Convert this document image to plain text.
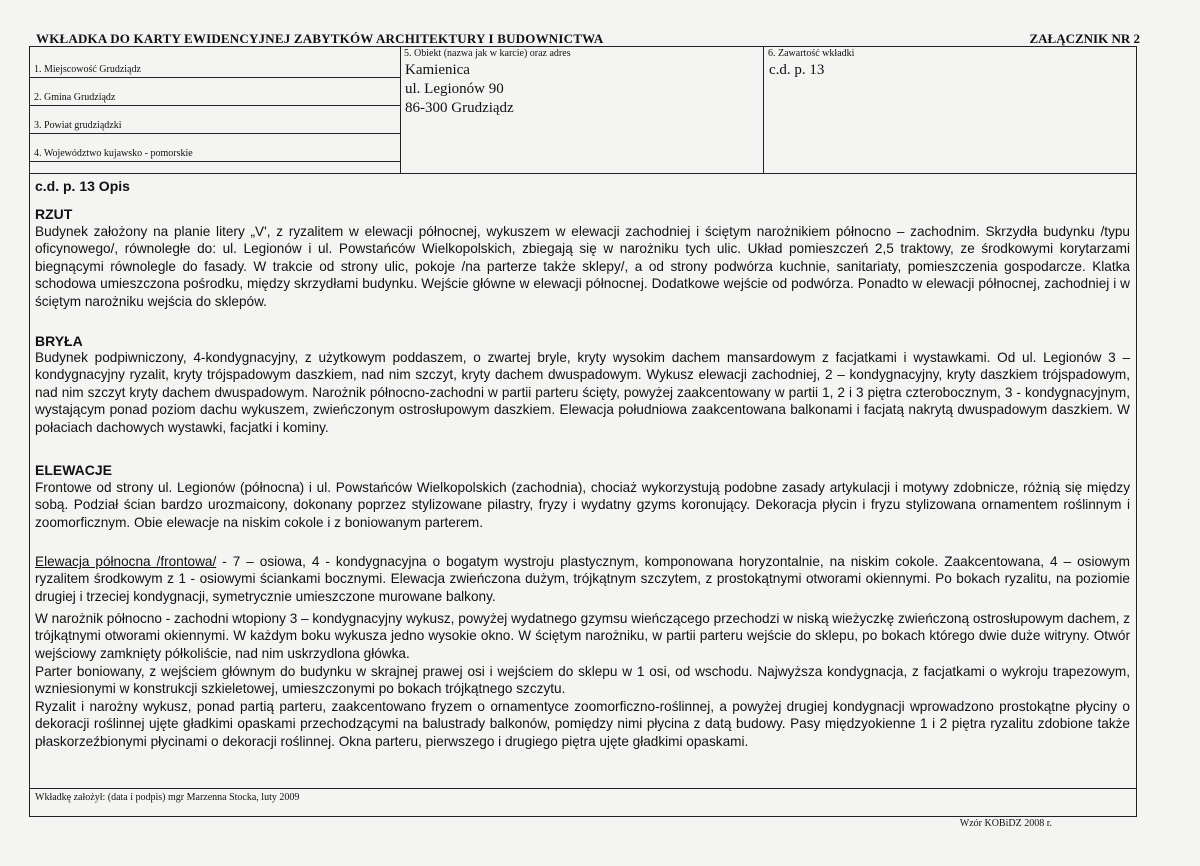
WKŁADKA DO KARTY EWIDENCYJNEJ ZABYTKÓW ARCHITEKTURY I BUDOWNICTWA	ZAŁĄCZNIK NR 2
1. Miejscowość Grudziądz
2. Gmina Grudziądz
3. Powiat grudziądzki
4. Województwo kujawsko - pomorskie
5. Obiekt (nazwa jak w karcie) oraz adres
Kamienica
ul. Legionów 90
86-300 Grudziądz
6. Zawartość wkładki
c.d. p. 13
c.d. p. 13 Opis
RZUT

Budynek założony na planie litery „V', z ryzalitem w elewacji północnej, wykuszem w elewacji zachodniej i ściętym narożnikiem północno – zachodnim. Skrzydła budynku /typu oficynowego/, równoległe do: ul. Legionów i ul. Powstańców Wielkopolskich, zbiegają się w narożniku tych ulic. Układ pomieszczeń 2,5 traktowy, ze środkowymi korytarzami biegnącymi równolegle do fasady. W trakcie od strony ulic, pokoje /na parterze także sklepy/, a od strony podwórza kuchnie, sanitariaty, pomieszczenia gospodarcze. Klatka schodowa umieszczona pośrodku, między skrzydłami budynku. Wejście główne w elewacji północnej. Dodatkowe wejście od podwórza. Ponadto w elewacji północnej, zachodniej i w ściętym narożniku wejścia do sklepów.

BRYŁA

Budynek podpiwniczony, 4-kondygnacyjny, z użytkowym poddaszem, o zwartej bryle, kryty wysokim dachem mansardowym z facjatkami i wystawkami. Od ul. Legionów 3 – kondygnacyjny ryzalit, kryty trójspadowym daszkiem, nad nim szczyt, kryty dachem dwuspadowym. Wykusz elewacji zachodniej, 2 – kondygnacyjny, kryty daszkiem trójspadowym, nad nim szczyt kryty dachem dwuspadowym. Narożnik północno-zachodni w partii parteru ścięty, powyżej zaakcentowany w partii 1, 2 i 3 piętra czterobocznym, 3 - kondygnacyjnym, wystającym ponad poziom dachu wykuszem, zwieńczonym ostrosłupowym daszkiem. Elewacja południowa zaakcentowana balkonami i facjatą nakrytą dwuspadowym daszkiem. W połaciach dachowych wystawki, facjatki i kominy.

ELEWACJE

Frontowe od strony ul. Legionów (północna) i ul. Powstańców Wielkopolskich (zachodnia), chociaż wykorzystują podobne zasady artykulacji i motywy zdobnicze, różnią się między sobą. Podział ścian bardzo urozmaicony, dokonany poprzez stylizowane pilastry, fryzy i wydatny gzyms koronujący. Dekoracja płycin i fryzu stylizowana ornamentem roślinnym i zoomorficznym. Obie elewacje na niskim cokole i z boniowanym parterem.

Elewacja północna /frontowa/ - 7 – osiowa, 4 - kondygnacyjna o bogatym wystroju plastycznym, komponowana horyzontalnie, na niskim cokole. Zaakcentowana, 4 – osiowym ryzalitem środkowym z 1 - osiowymi ściankami bocznymi. Elewacja zwieńczona dużym, trójkątnym szczytem, z prostokątnymi otworami okiennymi. Po bokach ryzalitu, na poziomie drugiej i trzeciej kondygnacji, symetrycznie umieszczone murowane balkony.

W narożnik północno - zachodni wtopiony 3 – kondygnacyjny wykusz, powyżej wydatnego gzymsu wieńczącego przechodzi w niską wieżyczkę zwieńczoną ostrosłupowym dachem, z trójkątnymi otworami okiennymi. W każdym boku wykusza jedno wysokie okno. W ściętym narożniku, w partii parteru wejście do sklepu, po bokach którego dwie duże witryny. Otwór wejściowy zamknięty półkoliście, nad nim uskrzydlona główka.

Parter boniowany, z wejściem głównym do budynku w skrajnej prawej osi i wejściem do sklepu w 1 osi, od wschodu. Najwyższa kondygnacja, z facjatkami o wykroju trapezowym, wzniesionymi w konstrukcji szkieletowej, umieszczonymi po bokach trójkątnego szczytu.

Ryzalit i narożny wykusz, ponad partią parteru, zaakcentowano fryzem o ornamentyce zoomorficzno-roślinnej, a powyżej drugiej kondygnacji wprowadzono prostokątne płyciny o dekoracji roślinnej ujęte gładkimi opaskami przechodzącymi na balustrady balkonów, pomiędzy nimi płycina z datą budowy. Pasy międzyokienne 1 i 2 piętra ryzalitu zdobione także płaskorzeźbionymi płycinami o dekoracji roślinnej. Okna parteru, pierwszego i drugiego piętra ujęte gładkimi opaskami.

Wkładkę założył: (data i podpis) mgr Marzenna Stocka, luty 2009
Wzór KOBiDZ 2008 r.
